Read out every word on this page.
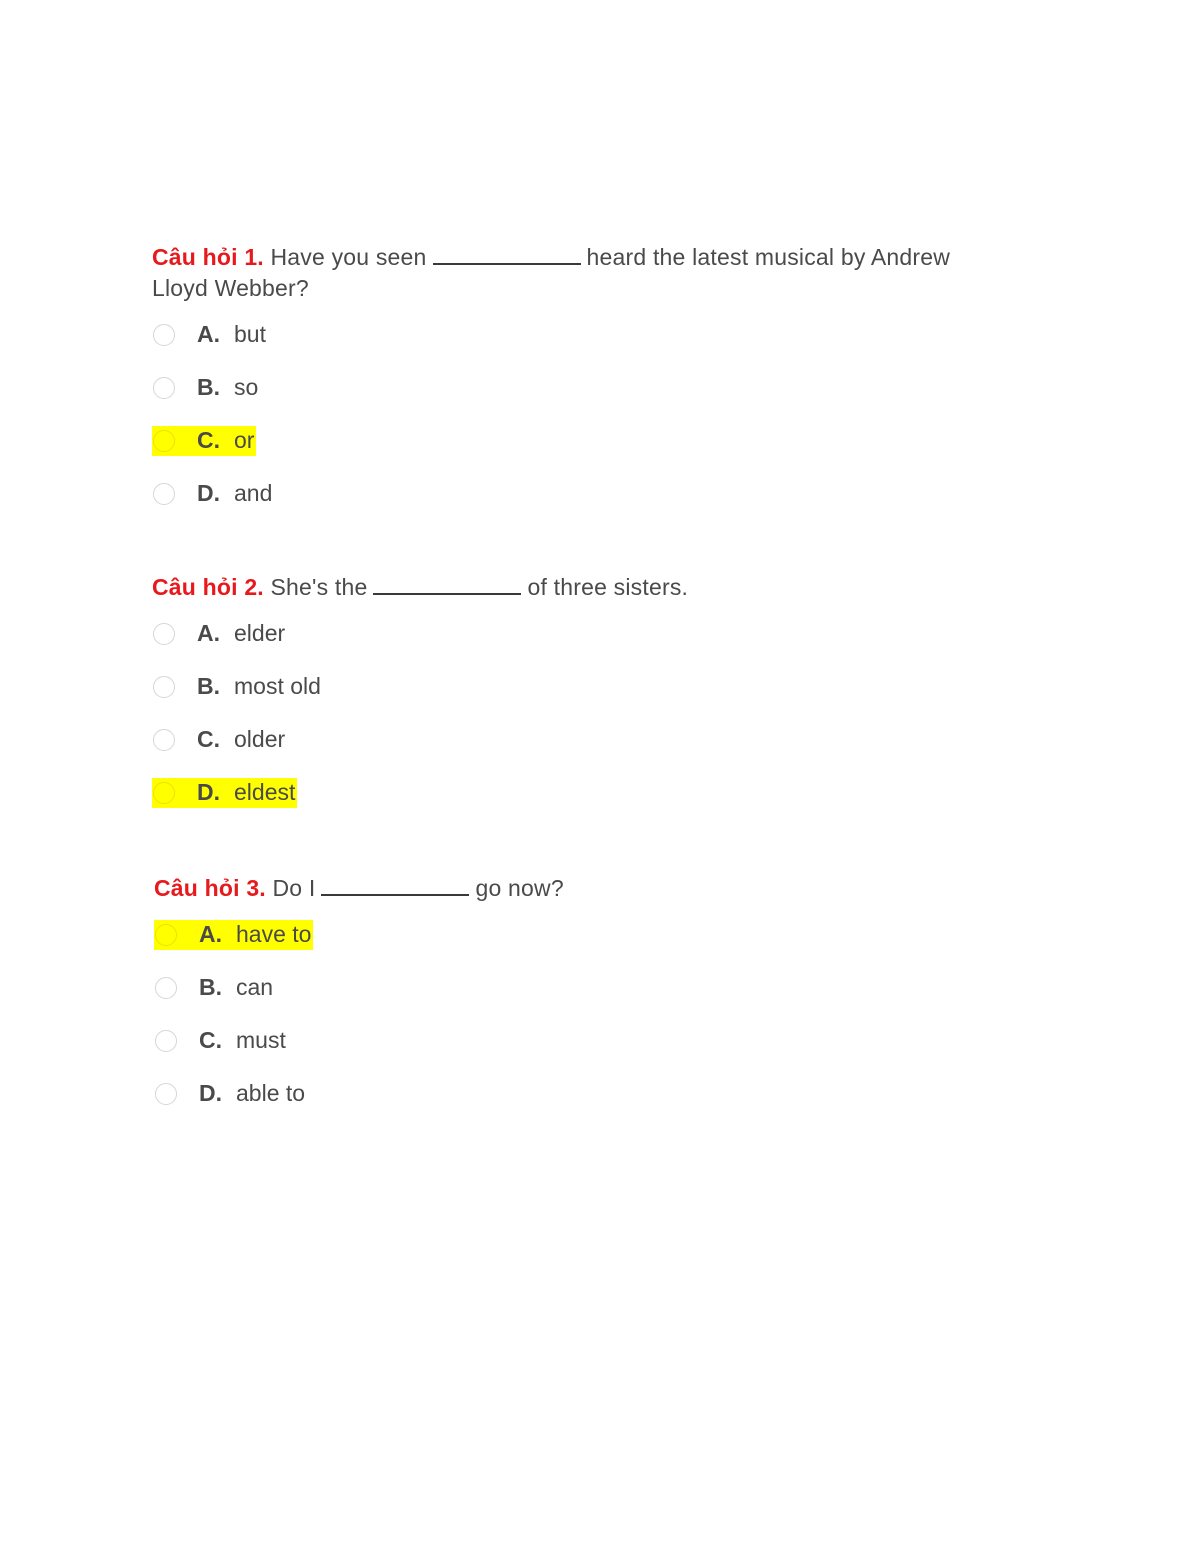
Câu hỏi 1. Have you seen	heard the latest musical by Andrew Lloyd Webber?

A. but
B. so
C. or
D. and

Câu hỏi 2. She's the	of three sisters.

A. elder
B. most old
C. older
D. eldest

Câu hỏi 3. Do I	go now?

A. have to
B. can
C. must
D. able to
